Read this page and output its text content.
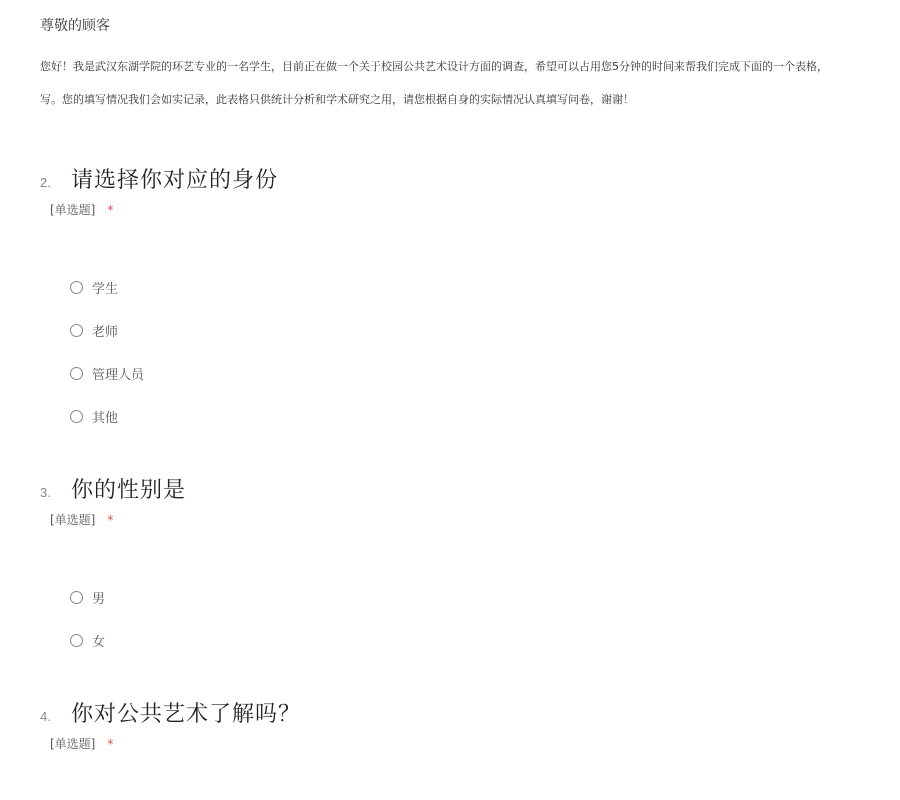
尊敬的顾客
您好！我是武汉东湖学院的环艺专业的一名学生，目前正在做一个关于校园公共艺术设计方面的调查，希望可以占用您5分钟的时间来帮我们完成下面的一个表格，
写。您的填写情况我们会如实记录，此表格只供统计分析和学术研究之用，请您根据自身的实际情况认真填写问卷，谢谢！
2. 请选择你对应的身份
[单选题] *
学生
老师
管理人员
其他
3. 你的性别是
[单选题] *
男
女
4. 你对公共艺术了解吗？
[单选题] *
